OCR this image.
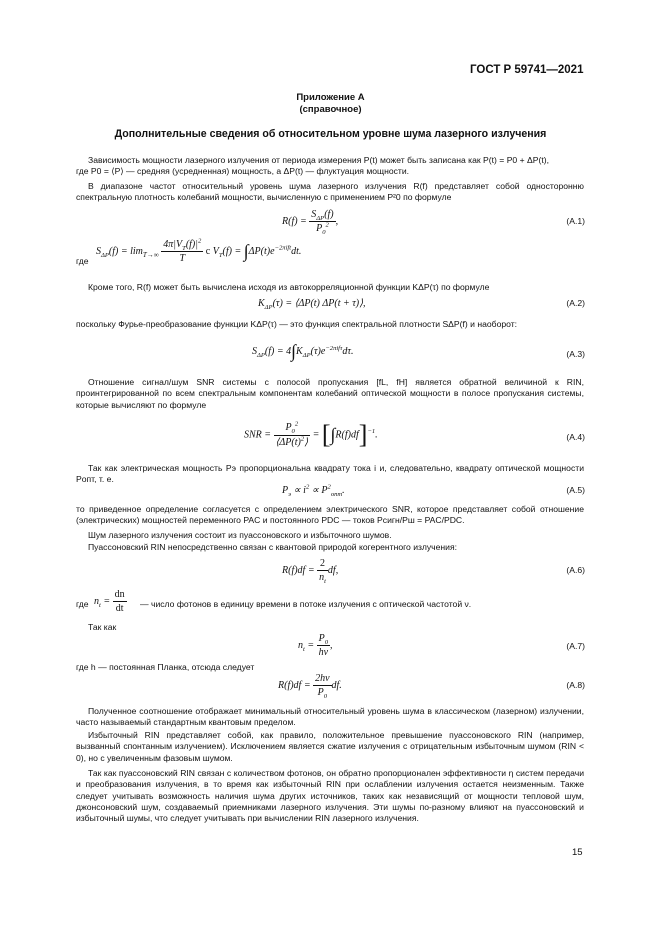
ГОСТ Р 59741—2021
Приложение А
(справочное)
Дополнительные сведения об относительном уровне шума лазерного излучения
Зависимость мощности лазерного излучения от периода измерения P(t) может быть записана как P(t) = P0 + ΔP(t),
где P0 = ⟨P⟩ — средняя (усредненная) мощность, а ΔP(t) — флуктуация мощности.
В диапазоне частот относительный уровень шума лазерного излучения R(f) представляет собой односторонню спектральную плотность колебаний мощности, вычисленную с применением P²0 по формуле
$R(f) = \frac{S_{\Delta P}(f)}{P_0^2}$ ,	(А.1)
где
$S_{\Delta P}(f) = \lim_{T\to\infty} \frac{4\pi|V_T(f)|^2}{T}$ с $V_T(f) = \int\Delta P(t)e^{-2\pi ift}dt$.
Кроме того, R(f) может быть вычислена исходя из автокорреляционной функции KΔP(τ) по формуле
$K_{\Delta P}(\tau)$ = ⟨ΔP(t) ΔP(t + τ)⟩,	(А.2)
поскольку Фурье-преобразование функции KΔP(τ) — это функция спектральной плотности SΔP(f) и наоборот:
$S_{\Delta P}(f) = 4\int K_{\Delta P}(\tau)e^{-2\pi if\tau}d\tau$.	(А.3)
Отношение сигнал/шум SNR системы с полосой пропускания [fL, fH] является обратной величиной к RIN, проинтегрированной по всем спектральным компонентам колебаний оптической мощности в полосе пропускания системы, которые вычисляют по формуле
SNR = $\frac{P_0^2}{⟨\Delta P(t)^2⟩} = [\int R(f)df]^{-1}$.	(А.4)
Так как электрическая мощность Pэ пропорциональна квадрату тока i и, следовательно, квадрату оптической мощности Pопт, т. е.
$P_э \propto i^2 \propto P^2_{опт}$.	(А.5)
то приведенное определение согласуется с определением электрического SNR, которое представляет собой отношение (электрических) мощностей переменного PAC и постоянного PDC — токов Pсигн/Pш = PAC/PDC.
Шум лазерного излучения состоит из пуассоновского и избыточного шумов.
Пуассоновский RIN непосредственно связан с квантовой природой когерентного излучения:
$R(f)df = \frac{2}{n_t}$ df,	(А.6)
где $n_t = \frac{dn}{dt}$ — число фотонов в единицу времени в потоке излучения с оптической частотой ν.
Так как
$n_t = \frac{P_0}{h\nu}$ ,	(А.7)
где h — постоянная Планка, отсюда следует
$R(f)df = \frac{2h\nu}{P_0}$ df.	(А.8)
Полученное соотношение отображает минимальный относительный уровень шума в классическом (лазерном) излучении, часто называемый стандартным квантовым пределом.
Избыточный RIN представляет собой, как правило, положительное превышение пуассоновского RIN (например, вызванный спонтанным излучением). Исключением является сжатие излучения с отрицательным избыточным шумом (RIN < 0), но с увеличенным фазовым шумом.
Так как пуассоновский RIN связан с количеством фотонов, он обратно пропорционален эффективности η систем передачи и преобразования излучения, в то время как избыточный RIN при ослаблении излучения остается неизменным. Также следует учитывать возможность наличия шума других источников, таких как независящий от мощности тепловой шум, джонсоновский шум, создаваемый приемниками лазерного излучения. Эти шумы по-разному влияют на пуассоновский и избыточный шумы, что следует учитывать при вычислении RIN лазерного излучения.
15
